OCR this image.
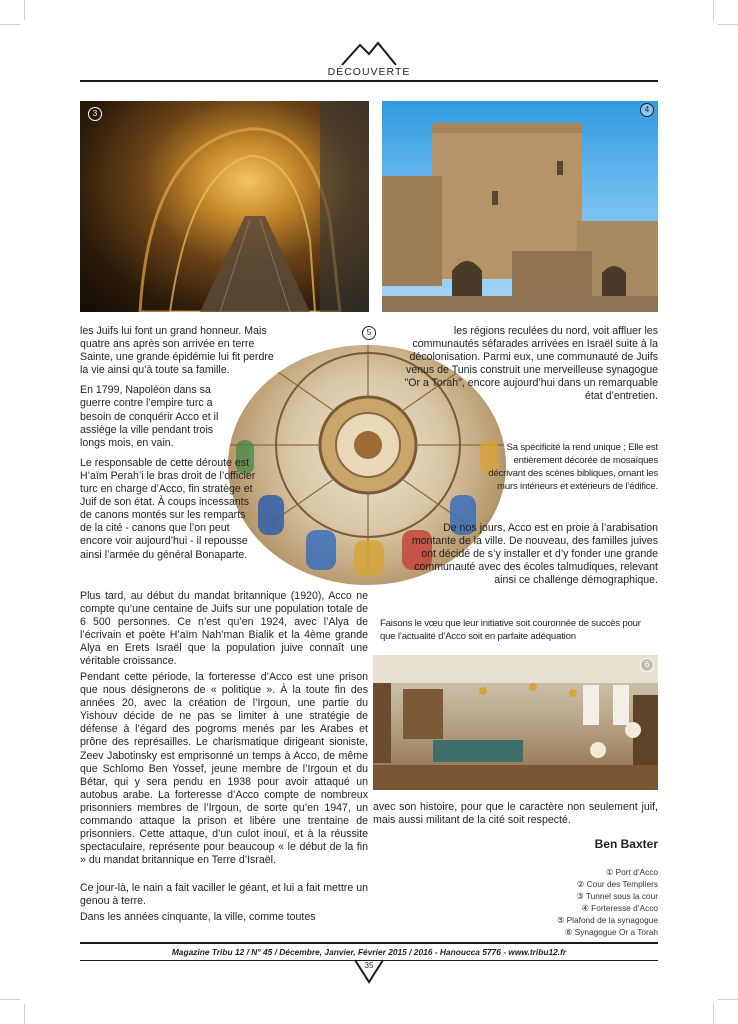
DÉCOUVERTE
3	4
5
6

les Juifs lui font un grand honneur. Mais quatre ans après son arrivée en terre Sainte, une grande épidémie lui fit perdre la vie ainsi qu’à toute sa famille.

En 1799, Napoléon dans sa guerre contre l’empire turc a besoin de conquérir Acco et il assiège la ville pendant trois longs mois, en vain.

Le responsable de cette déroute est H’aïm Perah’i le bras droit de l’officier turc en charge d’Acco, fin stratège et Juif de son état. À coups incessants de canons montés sur les remparts de la cité - canons que l’on peut encore voir aujourd’hui - il repousse ainsi l’armée du général Bonaparte.

Plus tard, au début du mandat britannique (1920), Acco ne compte qu’une centaine de Juifs sur une population totale de 6 500 personnes. Ce n’est qu’en 1924, avec l’Alya de l’écrivain et poète H’aïm Nah’man Bialik et la 4ème grande Alya en Erets Israël que la population juive connaît une véritable croissance.
Pendant cette période, la forteresse d’Acco est une prison que nous désignerons de « politique ». À la toute fin des années 20, avec la création de l’Irgoun, une partie du Yishouv décide de ne pas se limiter à une stratégie de défense à l’égard des pogroms menés par les Arabes et prône des représailles. Le charismatique dirigeant sioniste, Zeev Jabotinsky est emprisonné un temps à Acco, de même que Schlomo Ben Yossef, jeune membre de l’Irgoun et du Bétar, qui y sera pendu en 1938 pour avoir attaqué un autobus arabe. La forteresse d’Acco compte de nombreux prisonniers membres de l’Irgoun, de sorte qu’en 1947, un commando attaque la prison et libère une trentaine de prisonniers. Cette attaque, d’un culot inouï, et à la réussite spectaculaire, représente pour beaucoup « le début de la fin » du mandat britannique en Terre d’Israël.
Ce jour-là, le nain a fait vaciller le géant, et lui a fait mettre un genou à terre.
Dans les années cinquante, la ville, comme toutes
les régions reculées du nord, voit affluer les communautés séfarades arrivées en Israël suite à la décolonisation. Parmi eux, une communauté de Juifs venus de Tunis construit une merveilleuse synagogue "Or a Torah", encore aujourd’hui dans un remarquable état d’entretien.
Sa spécificité la rend unique ; Elle est entièrement décorée de mosaïques décrivant des scènes bibliques, ornant les murs intérieurs et extérieurs de l’édifice.
De nos jours, Acco est en proie à l’arabisation montante de la ville. De nouveau, des familles juives ont décidé de s’y installer et d’y fonder une grande communauté avec des écoles talmudiques, relevant ainsi ce challenge démographique.
Faisons le vœu que leur initiative soit couronnée de succès pour que l’actualité d’Acco soit en parfaite adéquation
avec son histoire, pour que le caractère non seulement juif, mais aussi militant de la cité soit respecté.
Ben Baxter
① Port d’Acco
② Cour des Templiers
③ Tunnel sous la cour
④ Forteresse d’Acco
⑤ Plafond de la synagogue
⑥ Synagogue Or a Torah
Magazine Tribu 12 / N° 45 / Décembre, Janvier, Février 2015 / 2016 - Hanoucca 5776 - www.tribu12.fr
35
